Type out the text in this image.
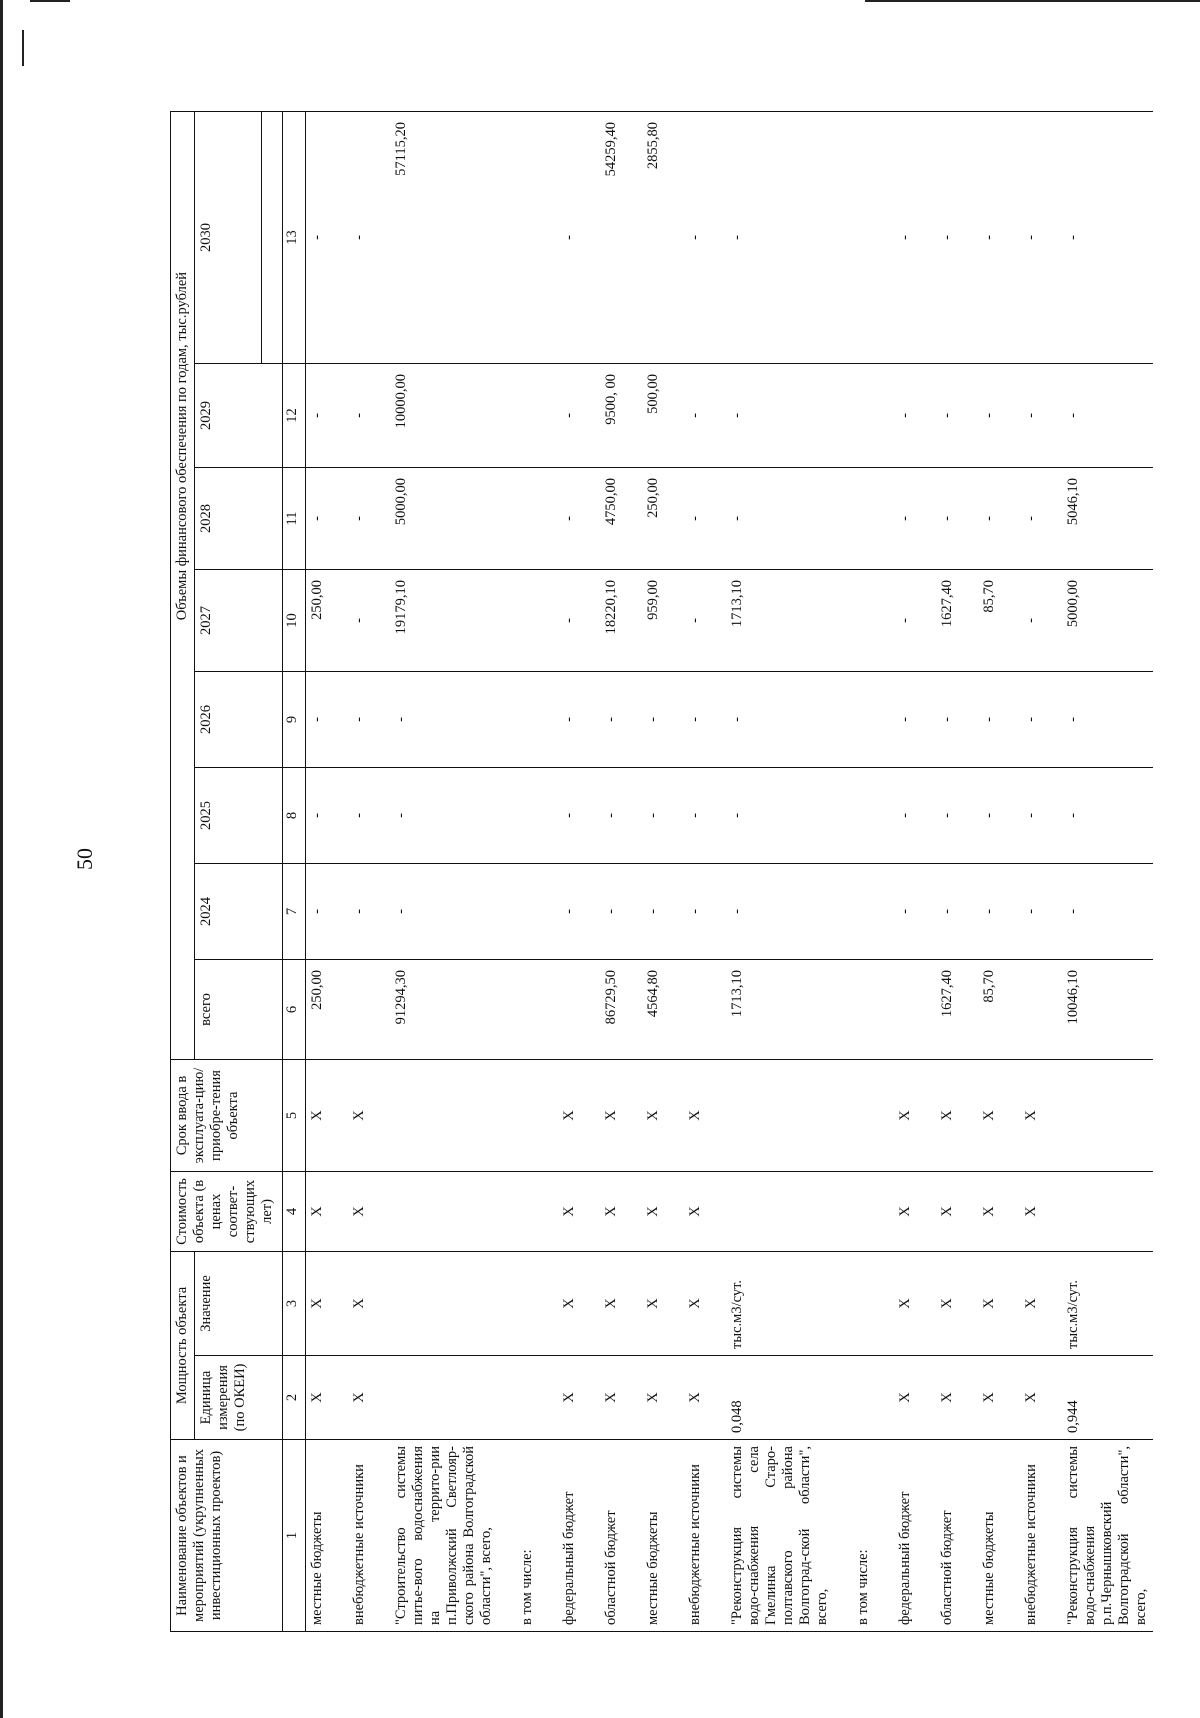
50
Наименование объектов и мероприятий (укрупненных инвестиционных проектов)	Мощность объекта		Стоимость объекта (в ценах соответ-ствующих лет)	Срок ввода в эксплуата-цию/приобре-тения объекта	Объемы финансового обеспечения по годам, тыс.рублей							
	Единица измерения (по ОКЕИ)	Значение			всего	2024	2025	2026	2027	2028	2029	2030

1	2	3	4	5	6	7	8	9	10	11	12	13
местные бюджеты	X	X	X	X	250,00	-	-	-	250,00	-	-	-
внебюджетные источники	X	X	X	X		-	-	-	-	-	-	-
"Строительство системы питье-вого водоснабжения на террито-рии п.Приволжский Светлояр-ского района Волгоградской области", всего,					91294,30	-	-	-	19179,10	5000,00	10000,00	57115,20
в том числе:												
федеральный бюджет	X	X	X	X		-	-	-	-	-	-	-
областной бюджет	X	X	X	X	86729,50	-	-	-	18220,10	4750,00	9500, 00	54259,40
местные бюджеты	X	X	X	X	4564,80	-	-	-	959,00	250,00	500,00	2855,80
внебюджетные источники	X	X	X	X		-	-	-	-	-	-	-
"Реконструкция системы водо-снабжения села Гмелинка Старо-полтавского района Волгоград-ской области", всего,	0,048	тыс.м3/сут.			1713,10	-	-	-	1713,10	-	-	-
в том числе:												
федеральный бюджет	X	X	X	X		-	-	-	-	-	-	-
областной бюджет	X	X	X	X	1627,40	-	-	-	1627,40	-	-	-
местные бюджеты	X	X	X	X	85,70	-	-	-	85,70	-	-	-
внебюджетные источники	X	X	X	X		-	-	-	-	-	-	-
"Реконструкция системы водо-снабжения р.п.Чернышковский Волгоградской области", всего,	0,944	тыс.м3/сут.			10046,10	-	-	-	5000,00	5046,10	-	-
